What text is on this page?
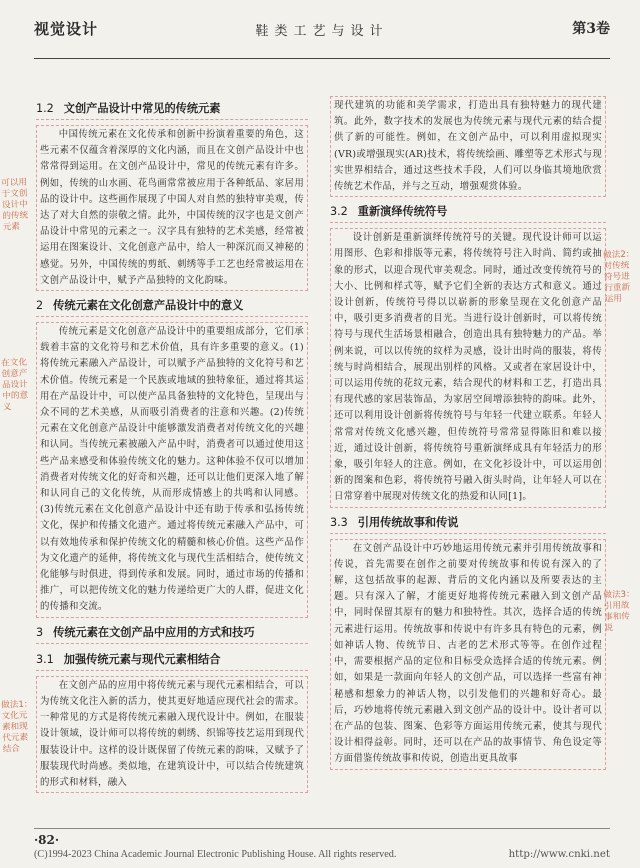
视觉设计	鞋类工艺与设计	第3卷
1.2 文创产品设计中常见的传统元素

中国传统元素在文化传承和创新中扮演着重要的角色，这些元素不仅蕴含着深厚的文化内涵，而且在文创产品设计中也常常得到运用。在文创产品设计中，常见的传统元素有许多。例如，传统的山水画、花鸟画常常被应用于各种纸品、家居用品的设计中。这些画作展现了中国人对自然的独特审美观，传达了对大自然的崇敬之情。此外，中国传统的汉字也是文创产品设计中常见的元素之一。汉字具有独特的艺术美感，经常被运用在图案设计、文化创意产品中，给人一种深沉而又神秘的感觉。另外，中国传统的剪纸、刺绣等手工艺也经常被运用在文创产品设计中，赋予产品独特的文化韵味。

2 传统元素在文化创意产品设计中的意义

传统元素是文化创意产品设计中的重要组成部分，它们承载着丰富的文化符号和艺术价值，具有许多重要的意义。(1)将传统元素融入产品设计，可以赋予产品独特的文化符号和艺术价值。传统元素是一个民族或地域的独特象征，通过将其运用在产品设计中，可以使产品具备独特的文化特色，呈现出与众不同的艺术美感，从而吸引消费者的注意和兴趣。(2)传统元素在文化创意产品设计中能够激发消费者对传统文化的兴趣和认同。当传统元素被融入产品中时，消费者可以通过使用这些产品来感受和体验传统文化的魅力。这种体验不仅可以增加消费者对传统文化的好奇和兴趣，还可以让他们更深入地了解和认同自己的文化传统，从而形成情感上的共鸣和认同感。(3)传统元素在文化创意产品设计中还有助于传承和弘扬传统文化，保护和传播文化遗产。通过将传统元素融入产品中，可以有效地传承和保护传统文化的精髓和核心价值。这些产品作为文化遗产的延伸，将传统文化与现代生活相结合，使传统文化能够与时俱进，得到传承和发展。同时，通过市场的传播和推广，可以把传统文化的魅力传递给更广大的人群，促进文化的传播和交流。

3 传统元素在文创产品中应用的方式和技巧
3.1 加强传统元素与现代元素相结合

在文创产品的应用中将传统元素与现代元素相结合，可以为传统文化注入新的活力，使其更好地适应现代社会的需求。一种常见的方式是将传统元素融入现代设计中。例如，在服装设计领域，设计师可以将传统的刺绣、织锦等技艺运用到现代服装设计中。这样的设计既保留了传统元素的韵味，又赋予了服装现代时尚感。类似地，在建筑设计中，可以结合传统建筑的形式和材料，融入

现代建筑的功能和美学需求，打造出具有独特魅力的现代建筑。此外，数字技术的发展也为传统元素与现代元素的结合提供了新的可能性。例如，在文创产品中，可以利用虚拟现实(VR)或增强现实(AR)技术，将传统绘画、雕塑等艺术形式与现实世界相结合，通过这些技术手段，人们可以身临其境地欣赏传统艺术作品，并与之互动，增强观赏体验。

3.2 重新演绎传统符号

设计创新是重新演绎传统符号的关键。现代设计师可以运用图形、色彩和排版等元素，将传统符号注入时尚、简约或抽象的形式，以迎合现代审美观念。同时，通过改变传统符号的大小、比例和样式等，赋予它们全新的表达方式和意义。通过设计创新，传统符号得以以崭新的形象呈现在文化创意产品中，吸引更多消费者的目光。当进行设计创新时，可以将传统符号与现代生活场景相融合，创造出具有独特魅力的产品。举例来说，可以以传统的纹样为灵感，设计出时尚的服装，将传统与时尚相结合，展现出别样的风格。又或者在家居设计中，可以运用传统的花纹元素，结合现代的材料和工艺，打造出具有现代感的家居装饰品，为家居空间增添独特的韵味。此外，还可以利用设计创新将传统符号与年轻一代建立联系。年轻人常常对传统文化感兴趣，但传统符号常常显得陈旧和难以接近，通过设计创新，将传统符号重新演绎成具有年轻活力的形象，吸引年轻人的注意。例如，在文化衫设计中，可以运用创新的图案和色彩，将传统符号融入街头时尚，让年轻人可以在日常穿着中展现对传统文化的热爱和认同[1]。

3.3 引用传统故事和传说

在文创产品设计中巧妙地运用传统元素并引用传统故事和传说，首先需要在创作之前要对传统故事和传说有深入的了解，这包括故事的起源、背后的文化内涵以及所要表达的主题。只有深入了解，才能更好地将传统元素融入到文创产品中，同时保留其原有的魅力和独特性。其次，选择合适的传统元素进行运用。传统故事和传说中有许多具有特色的元素，例如神话人物、传统节日、古老的艺术形式等等。在创作过程中，需要根据产品的定位和目标受众选择合适的传统元素。例如，如果是一款面向年轻人的文创产品，可以选择一些富有神秘感和想象力的神话人物，以引发他们的兴趣和好奇心。最后，巧妙地将传统元素融入到文创产品的设计中。设计者可以在产品的包装、图案、色彩等方面运用传统元素，使其与现代设计相得益彰。同时，还可以在产品的故事情节、角色设定等方面借鉴传统故事和传说，创造出更具故事

可以用于文创设计中的传统元素
在文化创意产品设计中的意义
做法1：文化元素和现代元素结合
做法2：对传统符号进行重新运用
做法3：引用故事和传说
·82·
(C)1994-2023 China Academic Journal Electronic Publishing House. All rights reserved.	http://www.cnki.net
